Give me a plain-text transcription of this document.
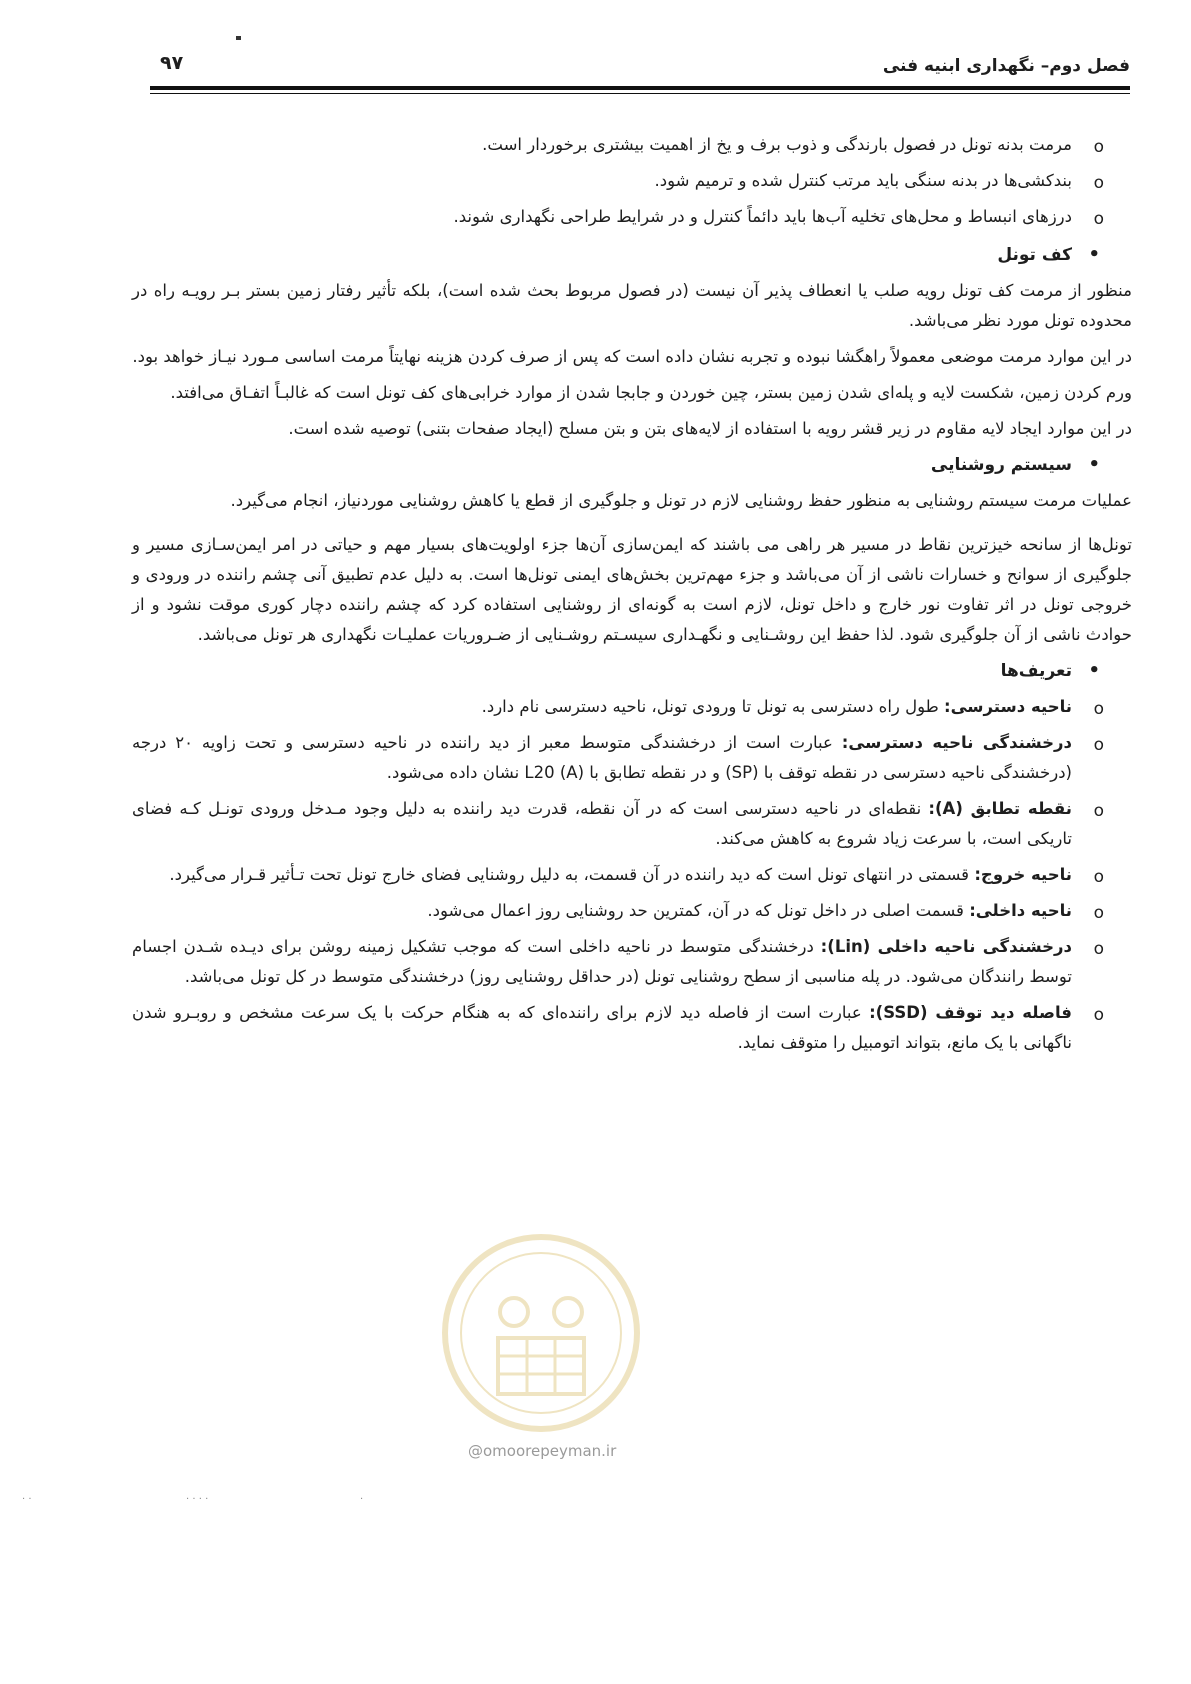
فصل دوم– نگهداری ابنیه فنی
۹۷
o
مرمت بدنه تونل در فصول بارندگی و ذوب برف و یخ از اهمیت بیشتری برخوردار است.
o
بندکشی‌ها در بدنه سنگی باید مرتب کنترل شده و ترمیم شود.
o
درزهای انبساط و محل‌های تخلیه آب‌ها باید دائماً کنترل و در شرایط طراحی نگهداری شوند.
•
کف تونل

منظور از مرمت کف تونل رویه صلب یا انعطاف پذیر آن نیست (در فصول مربوط بحث شده است)، بلکه تأثیر رفتار زمین بستر بـر رویـه راه در محدوده تونل مورد نظر می‌باشد.

در این موارد مرمت موضعی معمولاً راهگشا نبوده و تجربه نشان داده است که پس از صرف کردن هزینه نهایتاً مرمت اساسی مـورد نیـاز خواهد بود.

ورم کردن زمین، شکست لایه و پله‌ای شدن زمین بستر، چین خوردن و جابجا شدن از موارد خرابی‌های کف تونل است که غالبـاً اتفـاق می‌افتد.

در این موارد ایجاد لایه مقاوم در زیر قشر رویه با استفاده از لایه‌های بتن و بتن مسلح (ایجاد صفحات بتنی) توصیه شده است.

•
سیستم روشنایی

عملیات مرمت سیستم روشنایی به منظور حفظ روشنایی لازم در تونل و جلوگیری از قطع یا کاهش روشنایی موردنیاز، انجام می‌گیرد.

تونل‌ها از سانحه خیزترین نقاط در مسیر هر راهی می باشند که ایمن‌سازی آن‌ها جزء اولویت‌های بسیار مهم و حیاتی در امر ایمن‌سـازی مسیر و جلوگیری از سوانح و خسارات ناشی از آن می‌باشد و جزء مهم‌ترین بخش‌های ایمنی تونل‌ها است. به دلیل عدم تطبیق آنی چشم راننده در ورودی و خروجی تونل در اثر تفاوت نور خارج و داخل تونل، لازم است به گونه‌ای از روشنایی استفاده کرد که چشم راننده دچار کوری موقت نشود و از حوادث ناشی از آن جلوگیری شود. لذا حفظ این روشـنایی و نگهـداری سیسـتم روشـنایی از ضـروریات عملیـات نگهداری هر تونل می‌باشد.

•
تعریف‌ها
o
ناحیه دسترسی: طول راه دسترسی به تونل تا ورودی تونل، ناحیه دسترسی نام دارد.
o
درخشندگی ناحیه دسترسی: عبارت است از درخشندگی متوسط معبر از دید راننده در ناحیه دسترسی و تحت زاویه ۲۰ درجه (درخشندگی ناحیه دسترسی در نقطه توقف با (SP) و در نقطه تطابق با (L20 (A نشان داده می‌شود.
o
نقطه تطابق (A): نقطه‌ای در ناحیه دسترسی است که در آن نقطه، قدرت دید راننده به دلیل وجود مـدخل ورودی تونـل کـه فضای تاریکی است، با سرعت زیاد شروع به کاهش می‌کند.
o
ناحیه خروج: قسمتی در انتهای تونل است که دید راننده در آن قسمت، به دلیل روشنایی فضای خارج تونل تحت تـأثیر قـرار می‌گیرد.
o
ناحیه داخلی: قسمت اصلی در داخل تونل که در آن، کمترین حد روشنایی روز اعمال می‌شود.
o
درخشندگی ناحیه داخلی (Lin): درخشندگی متوسط در ناحیه داخلی است که موجب تشکیل زمینه روشن برای دیـده شـدن اجسام توسط رانندگان می‌شود. در پله مناسبی از سطح روشنایی تونل (در حداقل روشنایی روز) درخشندگی متوسط در کل تونل می‌باشد.
o
فاصله دید توقف (SSD): عبارت است از فاصله دید لازم برای راننده‌ای که به هنگام حرکت با یک سرعت مشخص و روبـرو شدن ناگهانی با یک مانع، بتواند اتومبیل را متوقف نماید.
@omoorepeyman.ir
· ·	· · · ·	·
